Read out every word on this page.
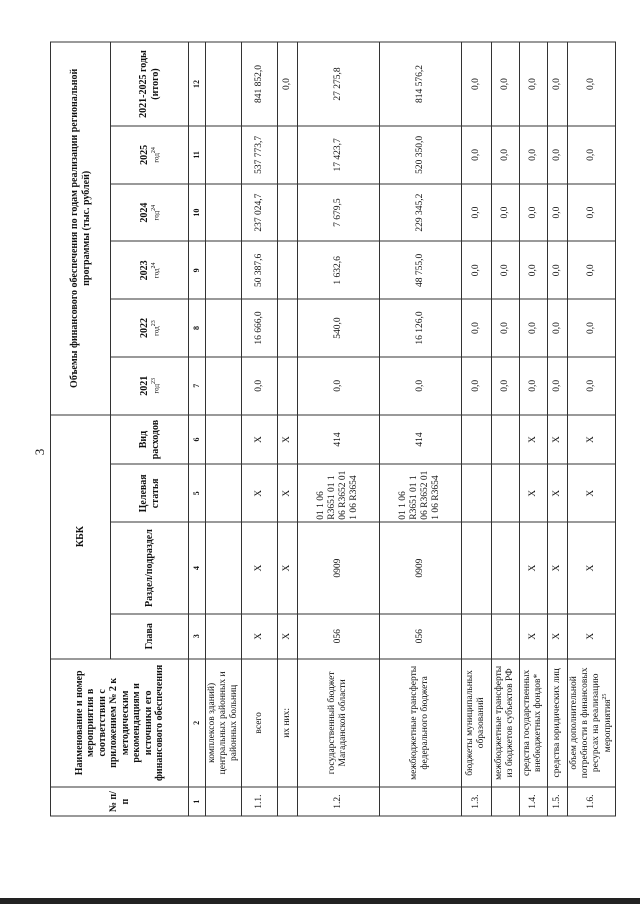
3
№ п/п	Наименование и номер мероприятия в соответствии с приложением № 2 к методическим рекомендациям и источники его финансового обеспечения	КБК				Объемы финансового обеспечения по годам реализации региональной программы (тыс. рублей)					
		Глава	Раздел/подраздел	Целевая статья	Вид расходов	2021 год$^{23}$	2022 год$^{23}$	2023 год$^{24}$	2024 год$^{24}$	2025 год$^{24}$	2021-2025 годы (итого)
1	2	3	4	5	6	7	8	9	10	11	12
	комплексов зданий) центральных районных и районных больниц										
1.1.	всего	Х	Х	Х	Х	0,0	16 666,0	50 387,6	237 024,7	537 773,7	841 852,0
	их них:	Х	Х	Х	Х						0,0
1.2.	государственный бюджет Магаданской области	056	0909	01 1 06 R3651 01 1 06 R3652 01 1 06 R3654	414	0,0	540,0	1 632,6	7 679,5	17 423,7	27 275,8
	межбюджетные трансферты федерального бюджета	056	0909	01 1 06 R3651 01 1 06 R3652 01 1 06 R3654	414	0,0	16 126,0	48 755,0	229 345,2	520 350,0	814 576,2
1.3.	бюджеты муниципальных образований					0,0	0,0	0,0	0,0	0,0	0,0
	межбюджетные трансферты из бюджетов субъектов РФ					0,0	0,0	0,0	0,0	0,0	0,0
1.4.	средства государственных внебюджетных фондов*	Х	Х	Х	Х	0,0	0,0	0,0	0,0	0,0	0,0
1.5.	средства юридических лиц	Х	Х	Х	Х	0,0	0,0	0,0	0,0	0,0	0,0
1.6.	объем дополнительной потребности в финансовых ресурсах на реализацию мероприятия$^{25}$	Х	Х	Х	Х	0,0	0,0	0,0	0,0	0,0	0,0
